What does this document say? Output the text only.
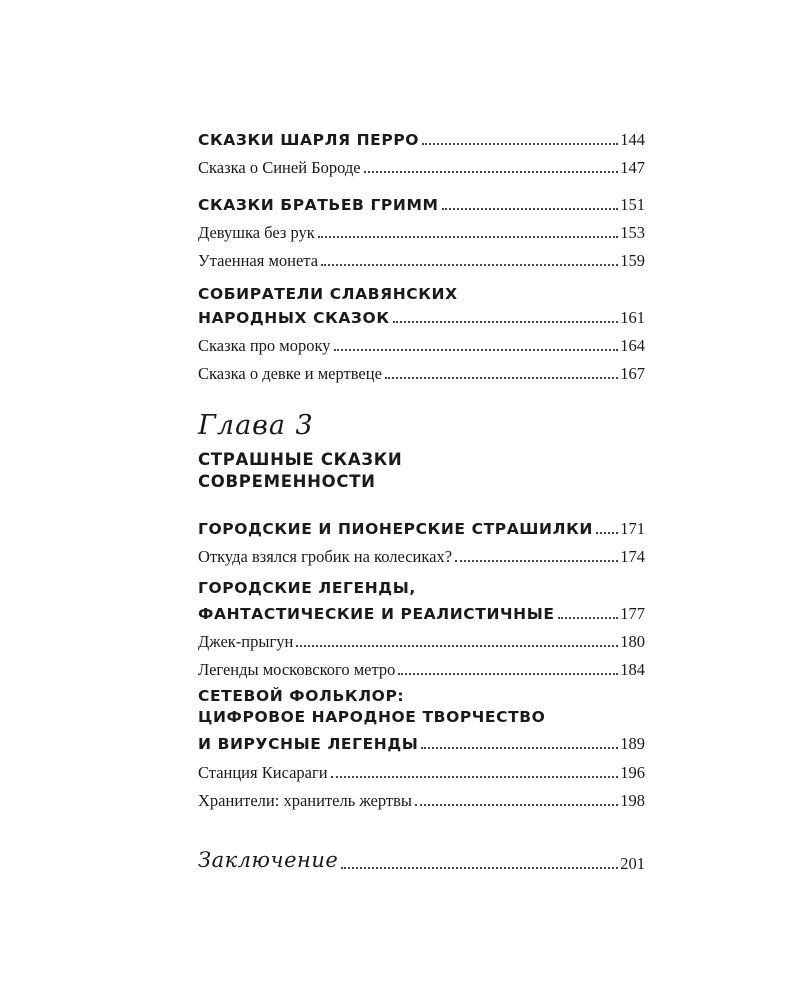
СКАЗКИ ШАРЛЯ ПЕРРО	144
Сказка о Синей Бороде	147
СКАЗКИ БРАТЬЕВ ГРИММ	151
Девушка без рук	153
Утаенная монета	159
СОБИРАТЕЛИ СЛАВЯНСКИХ
НАРОДНЫХ СКАЗОК	161
Сказка про мороку	164
Сказка о девке и мертвеце	167
Глава 3
СТРАШНЫЕ СКАЗКИ
СОВРЕМЕННОСТИ
ГОРОДСКИЕ И ПИОНЕРСКИЕ СТРАШИЛКИ 171
Откуда взялся гробик на колесиках?	174
ГОРОДСКИЕ ЛЕГЕНДЫ,
ФАНТАСТИЧЕСКИЕ И РЕАЛИСТИЧНЫЕ	177
Джек-прыгун	180
Легенды московского метро	184
СЕТЕВОЙ ФОЛЬКЛОР:
ЦИФРОВОЕ НАРОДНОЕ ТВОРЧЕСТВО
И ВИРУСНЫЕ ЛЕГЕНДЫ	189
Станция Кисараги	196
Хранители: хранитель жертвы	198
Заключение	201
